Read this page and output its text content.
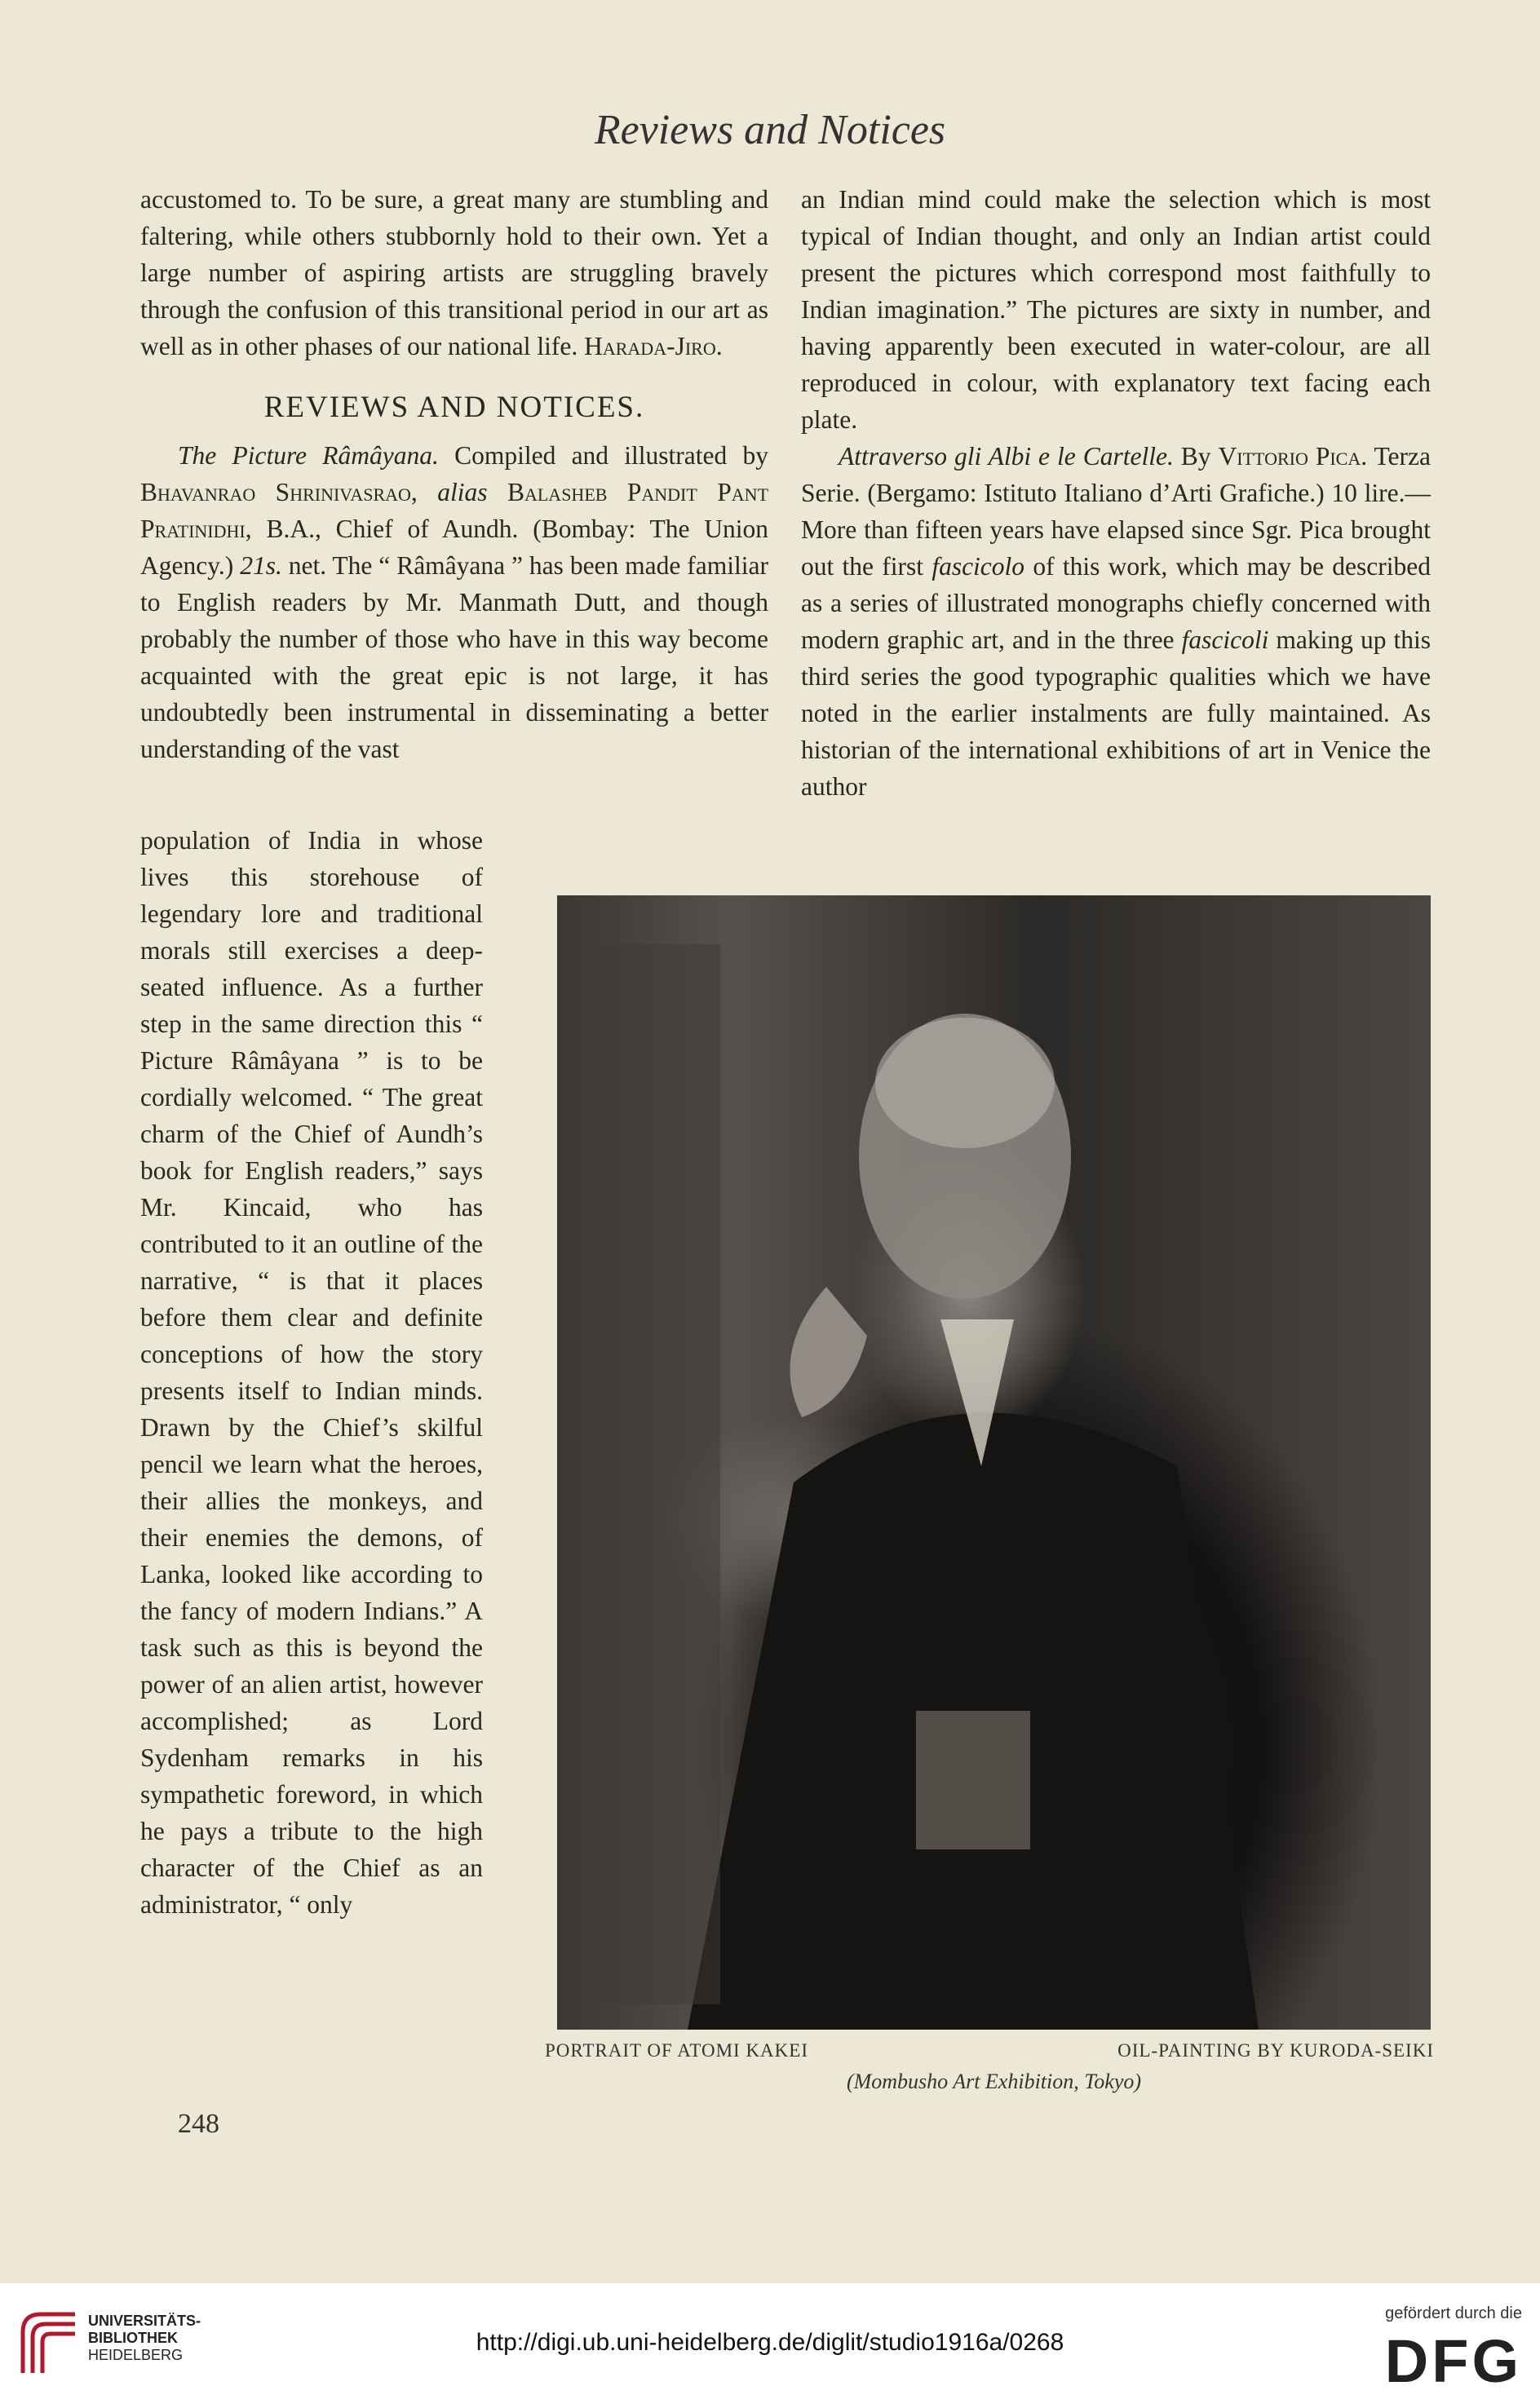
Reviews and Notices

accustomed to. To be sure, a great many are stumbling and faltering, while others stubbornly hold to their own. Yet a large number of aspiring artists are struggling bravely through the confusion of this transitional period in our art as well as in other phases of our national life. Harada-Jiro.

REVIEWS AND NOTICES.

The Picture Râmâyana. Compiled and illustrated by Bhavanrao Shrinivasrao, alias Balasheb Pandit Pant Pratinidhi, B.A., Chief of Aundh. (Bombay: The Union Agency.) 21s. net. The “ Râmâyana ” has been made familiar to English readers by Mr. Manmath Dutt, and though probably the number of those who have in this way become acquainted with the great epic is not large, it has undoubtedly been instrumental in disseminating a better understanding of the vast

population of India in whose lives this storehouse of legendary lore and traditional morals still exercises a deep-seated influence. As a further step in the same direction this “ Picture Râmâyana ” is to be cordially welcomed. “ The great charm of the Chief of Aundh’s book for English readers,” says Mr. Kincaid, who has contributed to it an outline of the narrative, “ is that it places before them clear and definite conceptions of how the story presents itself to Indian minds. Drawn by the Chief’s skilful pencil we learn what the heroes, their allies the monkeys, and their enemies the demons, of Lanka, looked like according to the fancy of modern Indians.” A task such as this is beyond the power of an alien artist, however accomplished; as Lord Sydenham remarks in his sympathetic foreword, in which he pays a tribute to the high character of the Chief as an administrator, “ only

an Indian mind could make the selection which is most typical of Indian thought, and only an Indian artist could present the pictures which correspond most faithfully to Indian imagination.” The pictures are sixty in number, and having apparently been executed in water-colour, are all reproduced in colour, with explanatory text facing each plate.

Attraverso gli Albi e le Cartelle. By Vittorio Pica. Terza Serie. (Bergamo: Istituto Italiano d’Arti Grafiche.) 10 lire.—More than fifteen years have elapsed since Sgr. Pica brought out the first fascicolo of this work, which may be described as a series of illustrated monographs chiefly concerned with modern graphic art, and in the three fascicoli making up this third series the good typographic qualities which we have noted in the earlier instalments are fully maintained. As historian of the international exhibitions of art in Venice the author

PORTRAIT OF ATOMI KAKEI	OIL-PAINTING BY KURODA-SEIKI
(Mombusho Art Exhibition, Tokyo)
248
UNIVERSITÄTS-
BIBLIOTHEK
HEIDELBERG	http://digi.ub.uni-heidelberg.de/diglit/studio1916a/0268
gefördert durch die
DFG
